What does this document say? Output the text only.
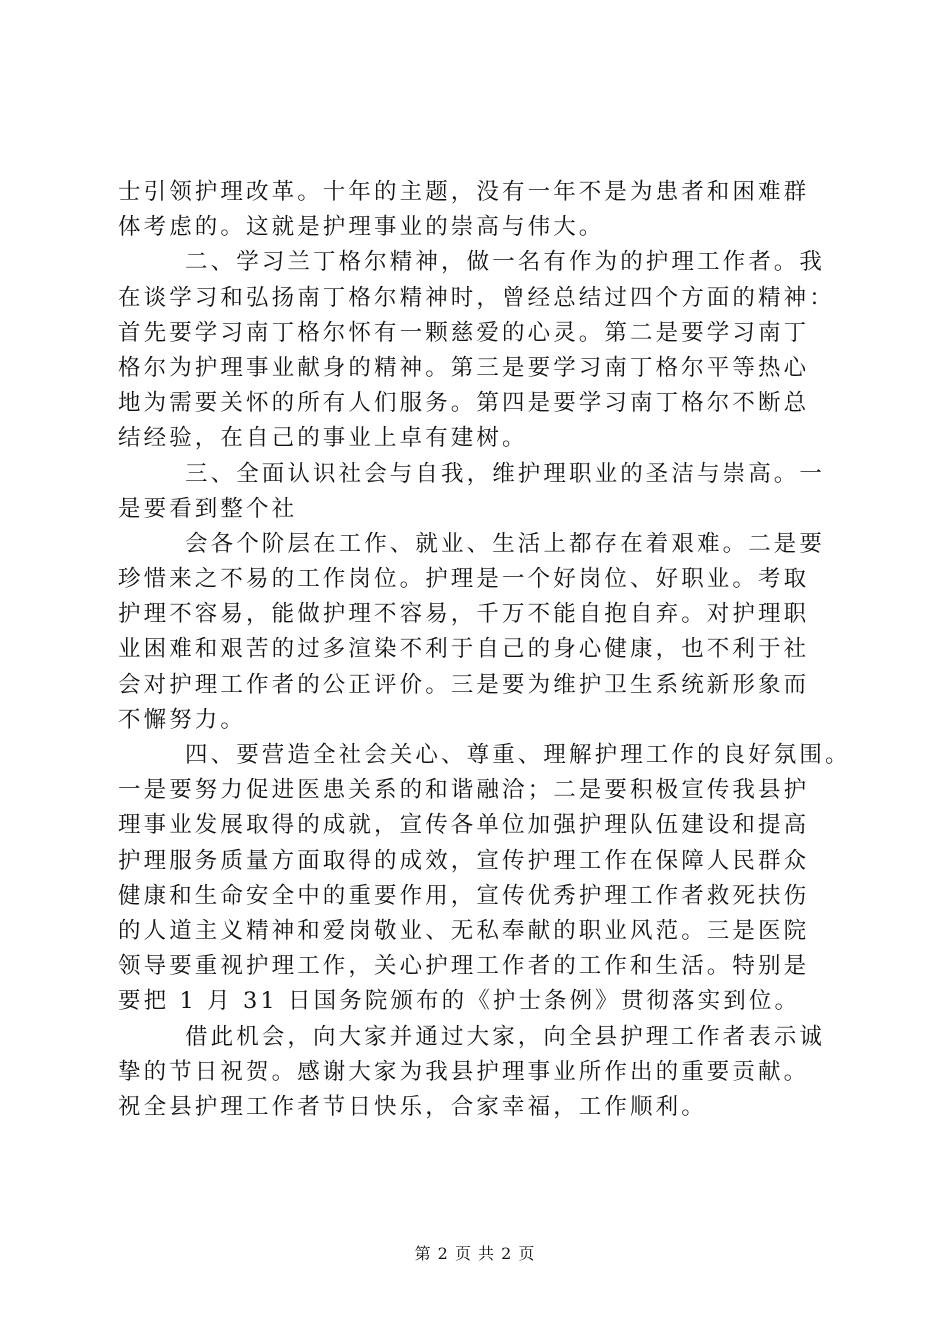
士引领护理改革。十年的主题，没有一年不是为患者和困难群
体考虑的。这就是护理事业的崇高与伟大。
二、学习兰丁格尔精神，做一名有作为的护理工作者。我
在谈学习和弘扬南丁格尔精神时，曾经总结过四个方面的精神：
首先要学习南丁格尔怀有一颗慈爱的心灵。第二是要学习南丁
格尔为护理事业献身的精神。第三是要学习南丁格尔平等热心
地为需要关怀的所有人们服务。第四是要学习南丁格尔不断总
结经验，在自己的事业上卓有建树。
三、全面认识社会与自我，维护理职业的圣洁与崇高。一
是要看到整个社
会各个阶层在工作、就业、生活上都存在着艰难。二是要
珍惜来之不易的工作岗位。护理是一个好岗位、好职业。考取
护理不容易，能做护理不容易，千万不能自抱自弃。对护理职
业困难和艰苦的过多渲染不利于自己的身心健康，也不利于社
会对护理工作者的公正评价。三是要为维护卫生系统新形象而
不懈努力。
四、要营造全社会关心、尊重、理解护理工作的良好氛围。
一是要努力促进医患关系的和谐融洽；二是要积极宣传我县护
理事业发展取得的成就，宣传各单位加强护理队伍建设和提高
护理服务质量方面取得的成效，宣传护理工作在保障人民群众
健康和生命安全中的重要作用，宣传优秀护理工作者救死扶伤
的人道主义精神和爱岗敬业、无私奉献的职业风范。三是医院
领导要重视护理工作，关心护理工作者的工作和生活。特别是
要把 1 月 31 日国务院颁布的《护士条例》贯彻落实到位。
借此机会，向大家并通过大家，向全县护理工作者表示诚
挚的节日祝贺。感谢大家为我县护理事业所作出的重要贡献。
祝全县护理工作者节日快乐，合家幸福，工作顺利。
第 2 页 共 2 页
